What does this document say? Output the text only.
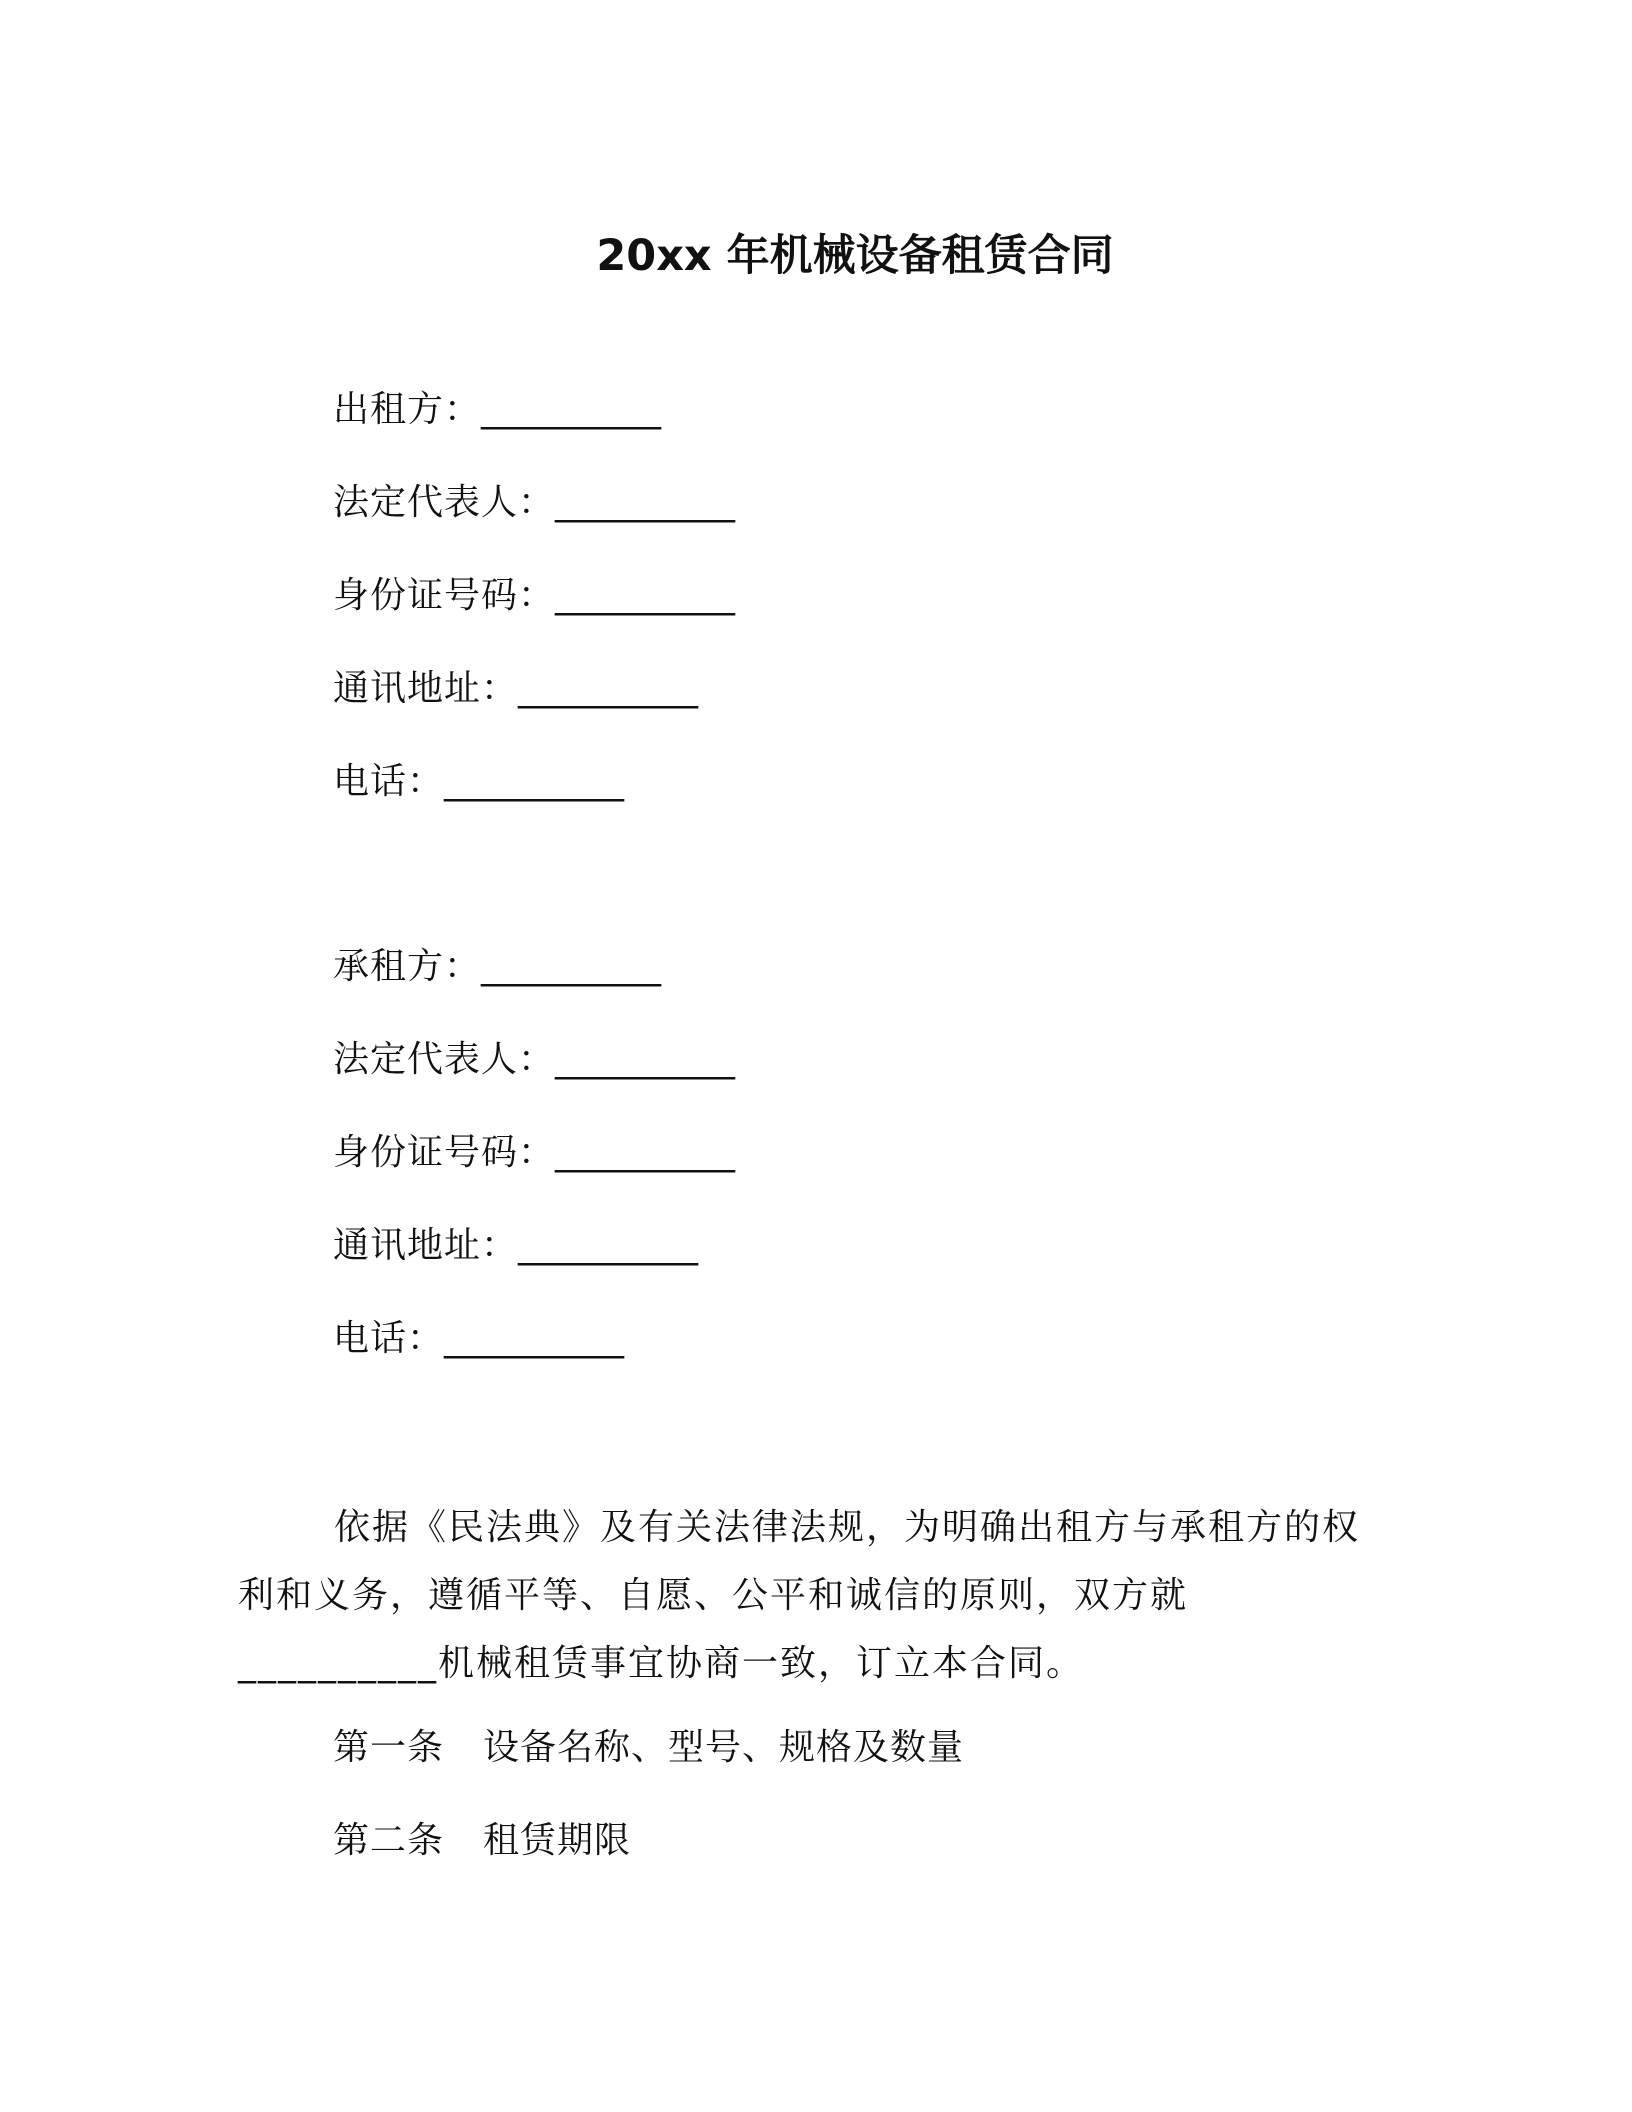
20xx 年机械设备租赁合同
出租方：__________
法定代表人：__________
身份证号码：__________
通讯地址：__________
电话：__________
承租方：__________
法定代表人：__________
身份证号码：__________
通讯地址：__________
电话：__________
依据《民法典》及有关法律法规，为明确出租方与承租方的权利和义务，遵循平等、自愿、公平和诚信的原则，双方就__________机械租赁事宜协商一致，订立本合同。
第一条 设备名称、型号、规格及数量
第二条 租赁期限
